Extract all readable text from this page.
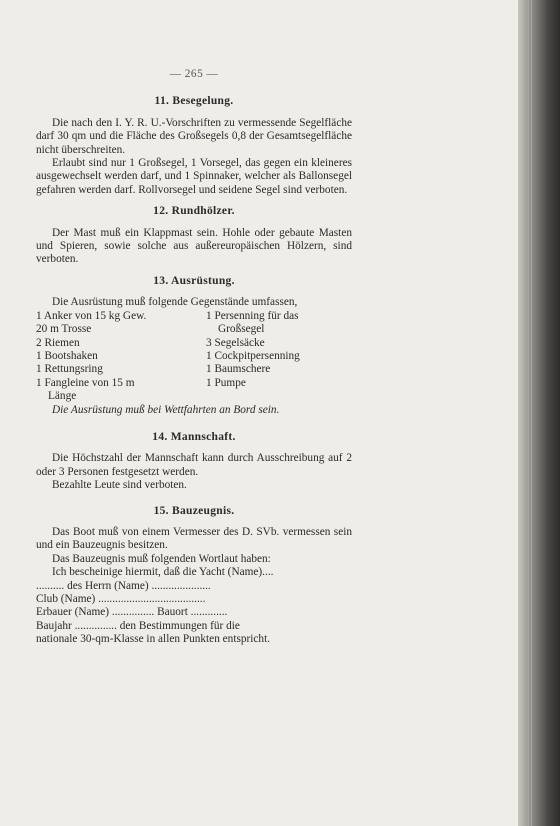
— 265 —
11. Besegelung.

Die nach den I. Y. R. U.-Vorschriften zu vermessende Segelfläche darf 30 qm und die Fläche des Großsegels 0,8 der Gesamtsegelfläche nicht überschreiten.

Erlaubt sind nur 1 Großsegel, 1 Vorsegel, das gegen ein kleineres ausgewechselt werden darf, und 1 Spinnaker, welcher als Ballonsegel gefahren werden darf. Rollvorsegel und seidene Segel sind verboten.

12. Rundhölzer.

Der Mast muß ein Klappmast sein. Hohle oder gebaute Masten und Spieren, sowie solche aus außereuropäischen Hölzern, sind verboten.

13. Ausrüstung.

Die Ausrüstung muß folgende Gegenstände umfassen,

1 Anker von 15 kg Gew.	1 Persenning für das
20 m Trosse	Großsegel
2 Riemen	3 Segelsäcke
1 Bootshaken	1 Cockpitpersenning
1 Rettungsring	1 Baumschere
1 Fangleine von 15 m	1 Pumpe
Länge

Die Ausrüstung muß bei Wettfahrten an Bord sein.

14. Mannschaft.

Die Höchstzahl der Mannschaft kann durch Ausschreibung auf 2 oder 3 Personen festgesetzt werden.

Bezahlte Leute sind verboten.

15. Bauzeugnis.

Das Boot muß von einem Vermesser des D. SVb. vermessen sein und ein Bauzeugnis besitzen.

Das Bauzeugnis muß folgenden Wortlaut haben:

Ich bescheinige hiermit, daß die Yacht (Name)....
.......... des Herrn (Name) .....................
Club (Name) ......................................
Erbauer (Name) ............... Bauort .............
Baujahr ............... den Bestimmungen für die
nationale 30-qm-Klasse in allen Punkten entspricht.
